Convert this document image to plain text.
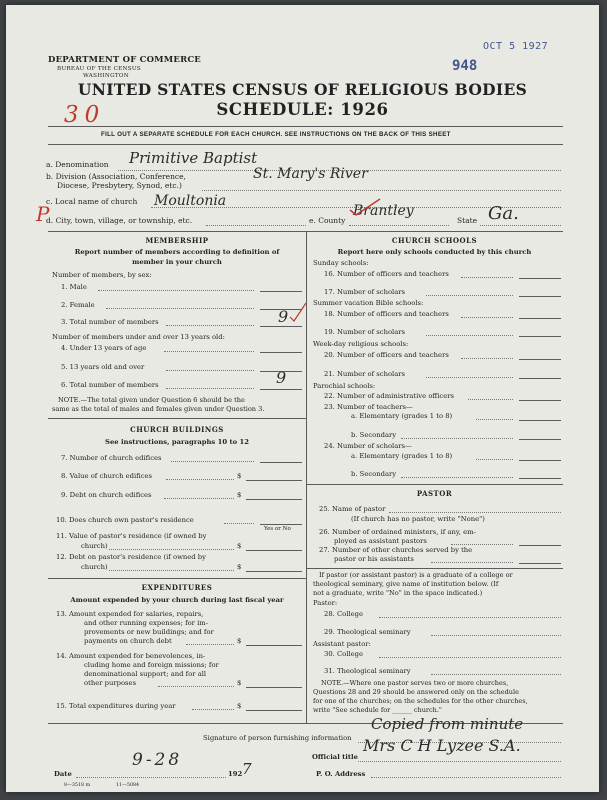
DEPARTMENT OF COMMERCE
BUREAU OF THE CENSUS
WASHINGTON
OCT 5 1927
948
30
UNITED STATES CENSUS OF RELIGIOUS BODIES
SCHEDULE: 1926
FILL OUT A SEPARATE SCHEDULE FOR EACH CHURCH. SEE INSTRUCTIONS ON THE BACK OF THIS SHEET
a. Denomination Primitive Baptist
b. Division (Association, Conference,
Diocese, Presbytery, Synod, etc.)
St. Mary's River
c. Local name of church Moultonia
P
d. City, town, village, or township, etc.	e. County
Brantley
State Ga.
MEMBERSHIP
Report number of members according to definition of
member in your church
Number of members, by sex:
1. Male
2. Female
3. Total number of members	9
Number of members under and over 13 years old:
4. Under 13 years of age
5. 13 years old and over
6. Total number of members	9
NOTE.—The total given under Question 6 should be the
same as the total of males and females given under Question 3.
CHURCH BUILDINGS
See instructions, paragraphs 10 to 12
7. Number of church edifices
8. Value of church edifices	$
9. Debt on church edifices	$
10. Does church own pastor's residence
Yes or No
11. Value of pastor's residence (if owned by
church)	$
12. Debt on pastor's residence (if owned by
church)	$
EXPENDITURES
Amount expended by your church during last fiscal year
13. Amount expended for salaries, repairs,
and other running expenses; for im-
provements or new buildings; and for
payments on church debt	$
14. Amount expended for benevolences, in-
cluding home and foreign missions; for
denominational support; and for all
other purposes	$
15. Total expenditures during year	$
CHURCH SCHOOLS
Report here only schools conducted by this church
Sunday schools:
16. Number of officers and teachers
17. Number of scholars
Summer vacation Bible schools:
18. Number of officers and teachers
19. Number of scholars
Week-day religious schools:
20. Number of officers and teachers
21. Number of scholars
Parochial schools:
22. Number of administrative officers
23. Number of teachers—
a. Elementary (grades 1 to 8)
b. Secondary
24. Number of scholars—
a. Elementary (grades 1 to 8)
b. Secondary
PASTOR
25. Name of pastor
(If church has no pastor, write "None")
26. Number of ordained ministers, if any, em-
ployed as assistant pastors
27. Number of other churches served by the
pastor or his assistants
If pastor (or assistant pastor) is a graduate of a college or
theological seminary, give name of institution below. (If
not a graduate, write "No" in the space indicated.)
Pastor:
28. College
29. Theological seminary
Assistant pastor:
30. College
31. Theological seminary
NOTE.—Where one pastor serves two or more churches,
Questions 28 and 29 should be answered only on the schedule
for one of the churches; on the schedules for the other churches,
write "See schedule for ______ church."
Signature of person furnishing information
Copied from minute
Official title
Mrs C H Lyzee S.A.
Date
9-28
192 7	P. O. Address
8—3518 m	11—5084
